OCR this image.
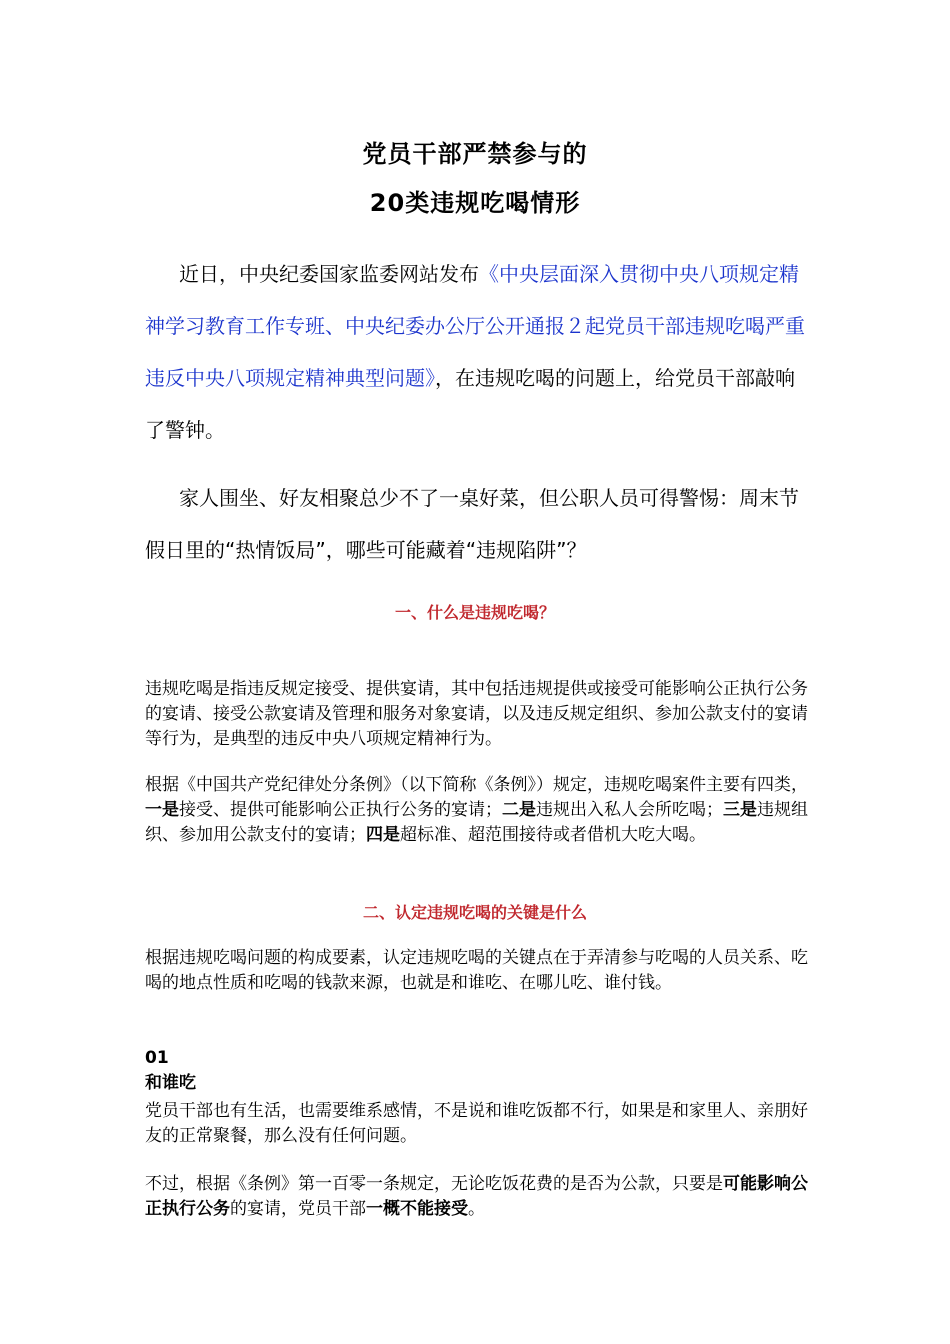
党员干部严禁参与的
20类违规吃喝情形

近日，中央纪委国家监委网站发布《中央层面深入贯彻中央八项规定精神学习教育工作专班、中央纪委办公厅公开通报２起党员干部违规吃喝严重违反中央八项规定精神典型问题》，在违规吃喝的问题上，给党员干部敲响了警钟。

家人围坐、好友相聚总少不了一桌好菜，但公职人员可得警惕：周末节假日里的“热情饭局”，哪些可能藏着“违规陷阱”？

一、什么是违规吃喝？

违规吃喝是指违反规定接受、提供宴请，其中包括违规提供或接受可能影响公正执行公务的宴请、接受公款宴请及管理和服务对象宴请，以及违反规定组织、参加公款支付的宴请等行为，是典型的违反中央八项规定精神行为。

根据《中国共产党纪律处分条例》（以下简称《条例》）规定，违规吃喝案件主要有四类，一是接受、提供可能影响公正执行公务的宴请；二是违规出入私人会所吃喝；三是违规组织、参加用公款支付的宴请；四是超标准、超范围接待或者借机大吃大喝。

二、认定违规吃喝的关键是什么

根据违规吃喝问题的构成要素，认定违规吃喝的关键点在于弄清参与吃喝的人员关系、吃喝的地点性质和吃喝的钱款来源，也就是和谁吃、在哪儿吃、谁付钱。

01
和谁吃

党员干部也有生活，也需要维系感情，不是说和谁吃饭都不行，如果是和家里人、亲朋好友的正常聚餐，那么没有任何问题。

不过，根据《条例》第一百零一条规定，无论吃饭花费的是否为公款，只要是可能影响公正执行公务的宴请，党员干部一概不能接受。
